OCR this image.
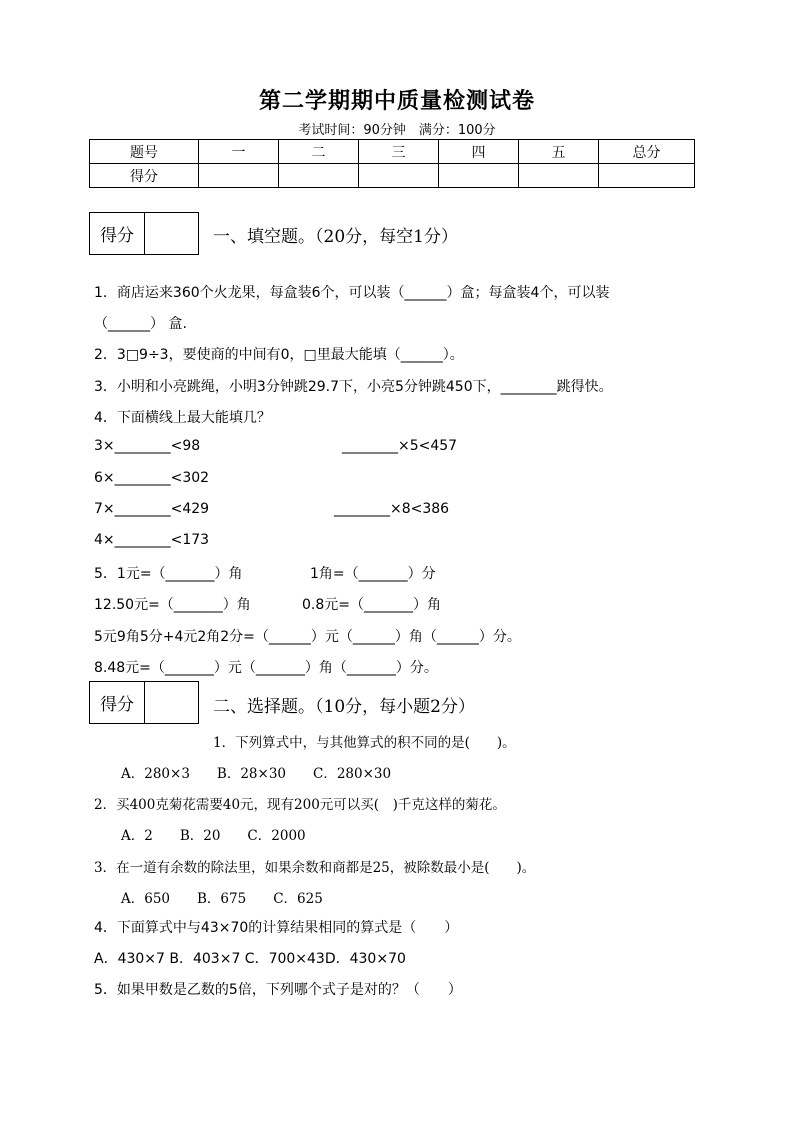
第二学期期中质量检测试卷
考试时间：90分钟　满分：100分
题号	一	二	三	四	五	总分
得分						
得分	一、填空题。（20分，每空1分）
1．商店运来360个火龙果，每盒装6个，可以装（______）盒；每盒装4个，可以装
（______） 盒.
2．3□9÷3，要使商的中间有0，□里最大能填（______）。
3．小明和小亮跳绳，小明3分钟跳29.7下，小亮5分钟跳450下，________跳得快。
4．下面横线上最大能填几？
3×________<98	________×5<457
6×________<302
7×________<429	________×8<386
4×________<173
5．1元=（_______）角	1角=（_______）分
12.50元=（_______）角	0.8元=（_______）角
5元9角5分+4元2角2分=（______）元（______）角（______）分。
8.48元=（_______）元（_______）角（_______）分。
得分	二、选择题。（10分，每小题2分）
1．下列算式中，与其他算式的积不同的是(　　)。
A．280×3　　B．28×30　　C．280×30
2．买400克菊花需要40元，现有200元可以买(　)千克这样的菊花。
A．2　　B．20　　C．2000
3．在一道有余数的除法里，如果余数和商都是25，被除数最小是(　　)。
A．650　　B．675　　C．625
4．下面算式中与43×70的计算结果相同的算式是（　　）
A．430×7 B．403×7 C．700×43D．430×70
5．如果甲数是乙数的5倍，下列哪个式子是对的？（　　）
